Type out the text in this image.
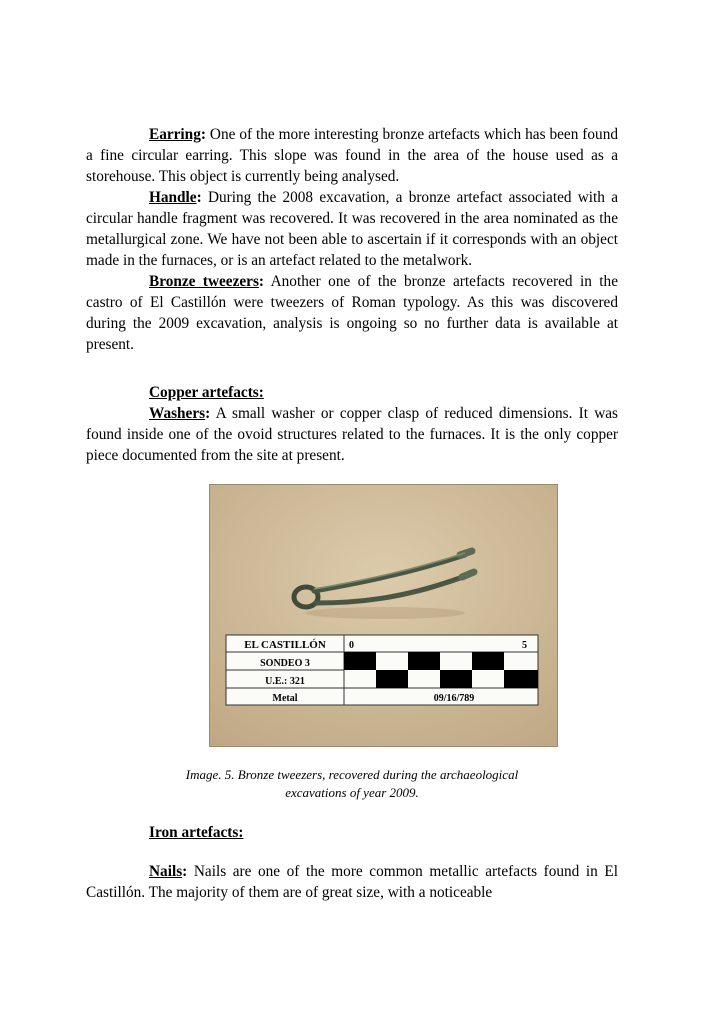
Earring: One of the more interesting bronze artefacts which has been found a fine circular earring. This slope was found in the area of the house used as a storehouse. This object is currently being analysed.

Handle: During the 2008 excavation, a bronze artefact associated with a circular handle fragment was recovered. It was recovered in the area nominated as the metallurgical zone. We have not been able to ascertain if it corresponds with an object made in the furnaces, or is an artefact related to the metalwork.

Bronze tweezers: Another one of the bronze artefacts recovered in the castro of El Castillón were tweezers of Roman typology. As this was discovered during the 2009 excavation, analysis is ongoing so no further data is available at present.

Copper artefacts:

Washers: A small washer or copper clasp of reduced dimensions. It was found inside one of the ovoid structures related to the furnaces. It is the only copper piece documented from the site at present.

EL CASTILLÓN
SONDEO 3
U.E.: 321
Metal
0	5
09/16/789
Image. 5. Bronze tweezers, recovered during the archaeological
excavations of year 2009.

Iron artefacts:

Nails: Nails are one of the more common metallic artefacts found in El Castillón. The majority of them are of great size, with a noticeable
